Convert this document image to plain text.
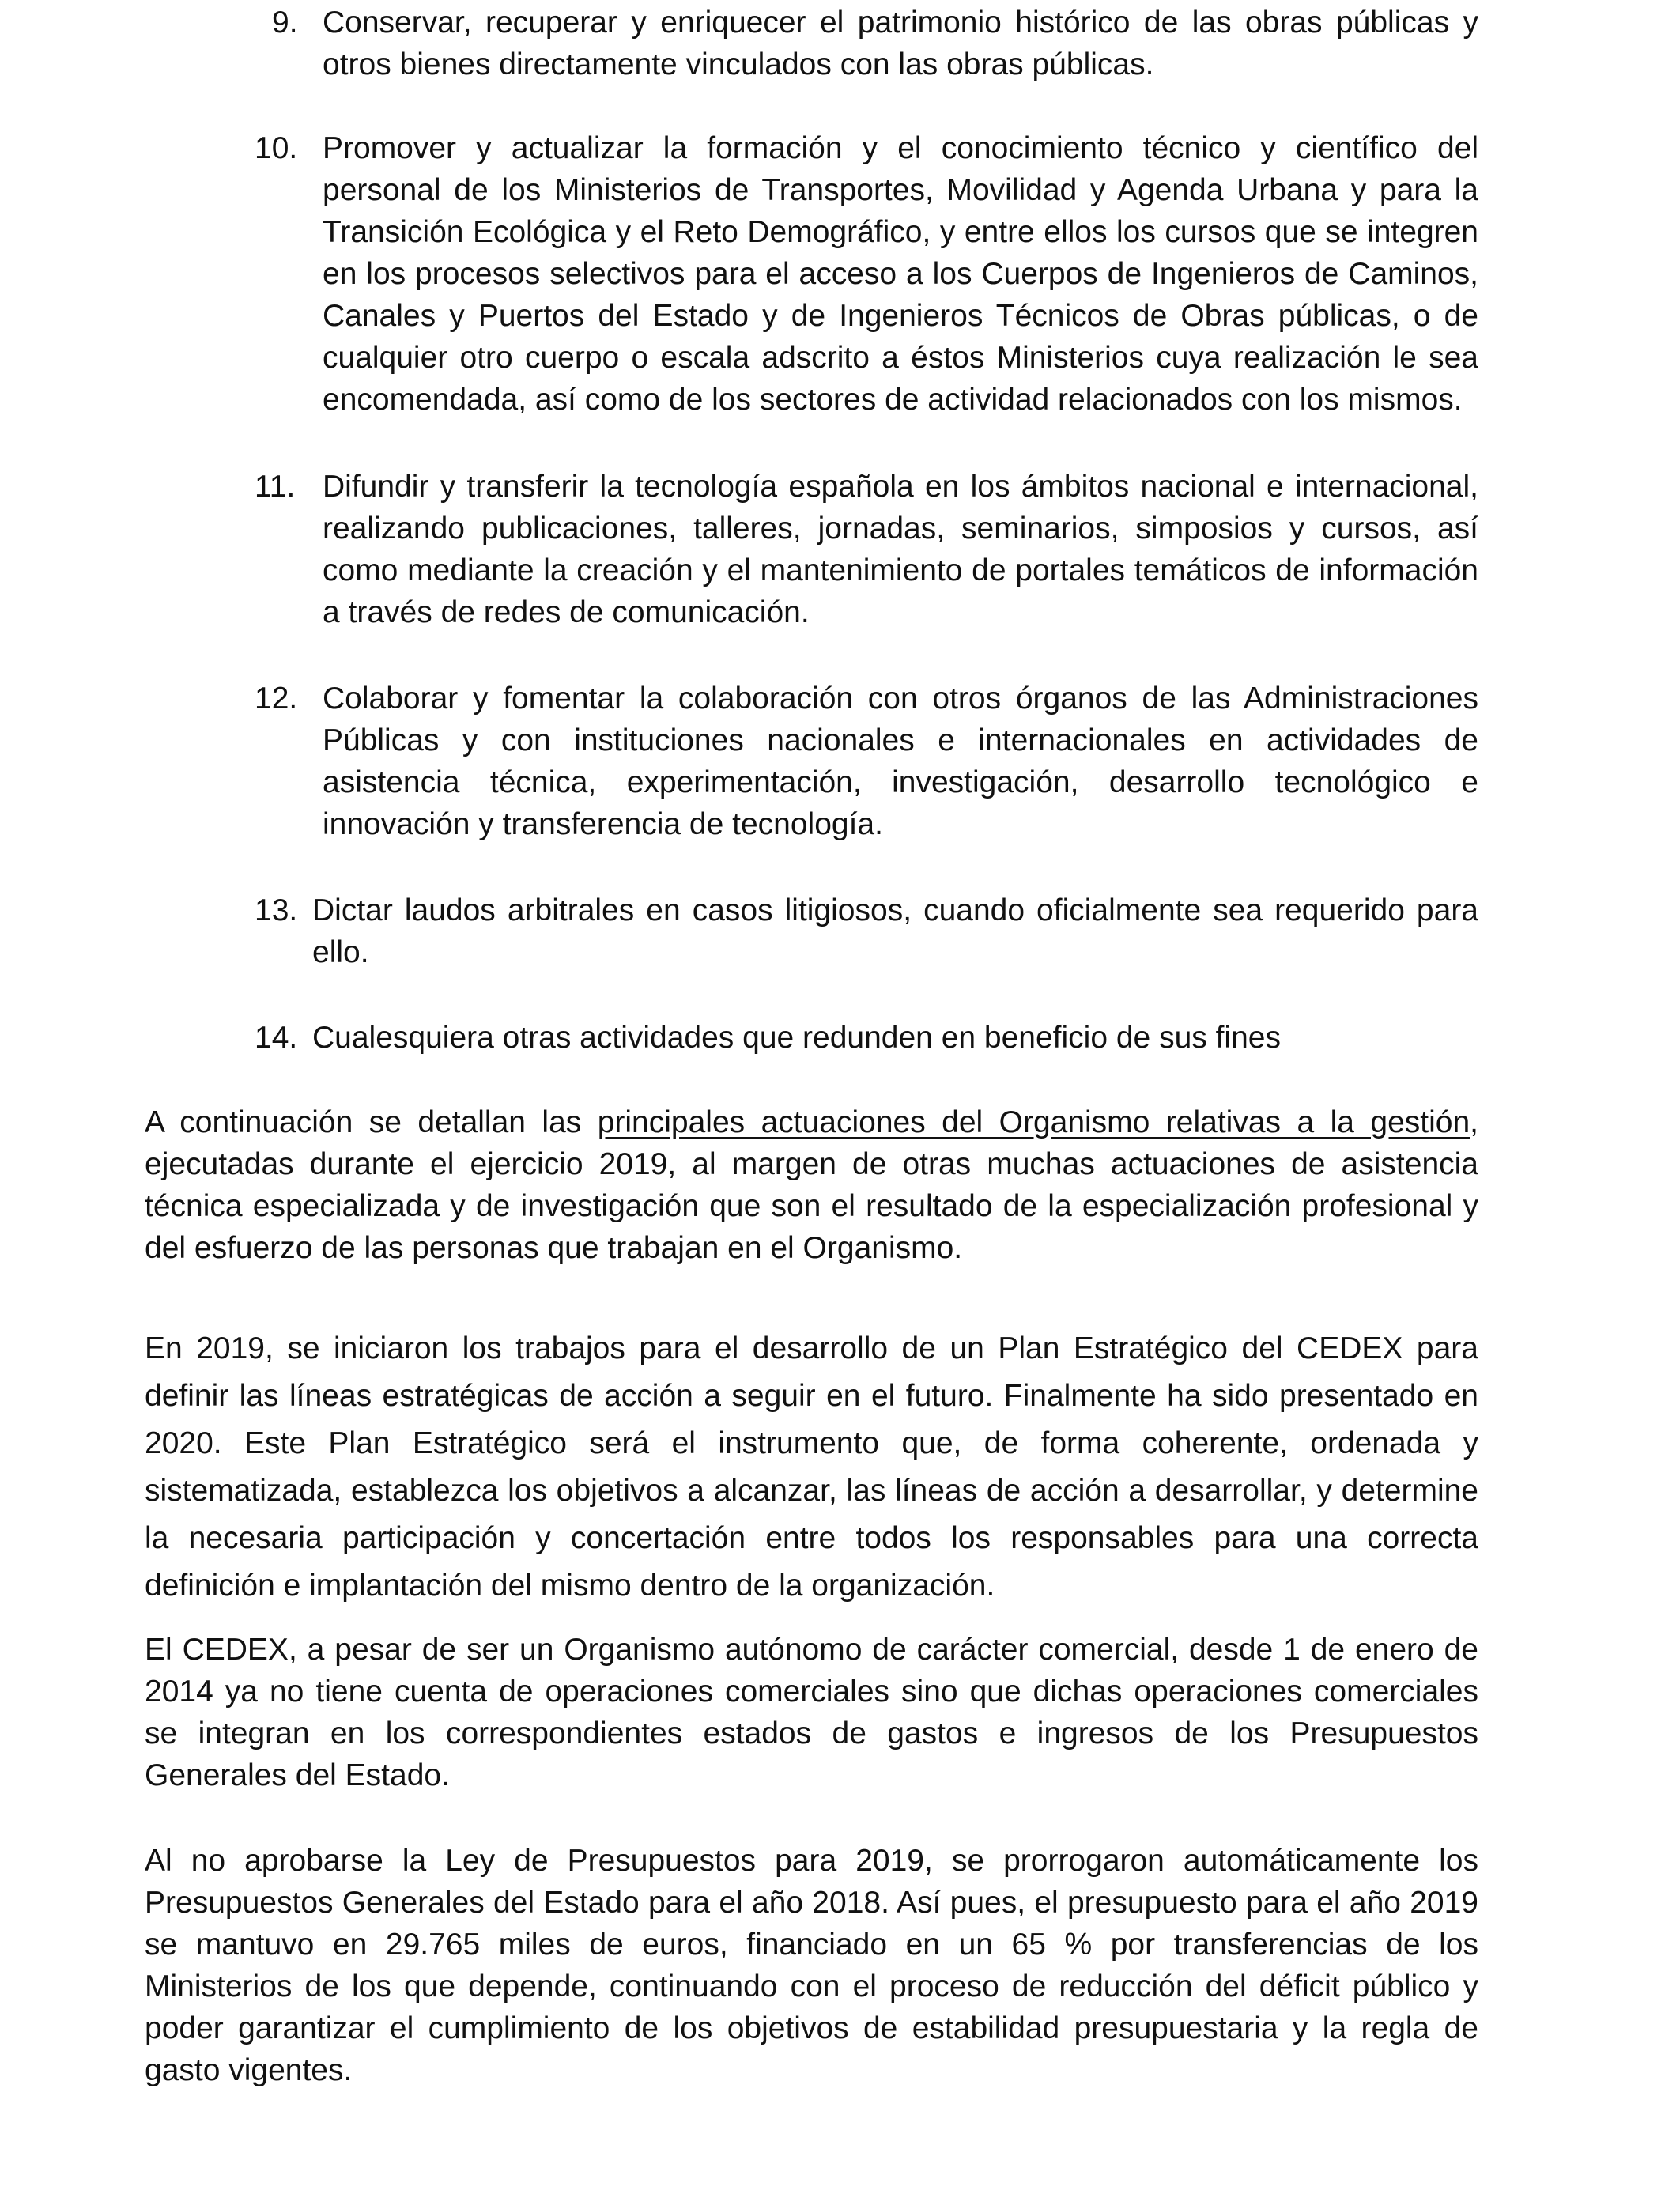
9. Conservar, recuperar y enriquecer el patrimonio histórico de las obras públicas y otros bienes directamente vinculados con las obras públicas.
10. Promover y actualizar la formación y el conocimiento técnico y científico del personal de los Ministerios de Transportes, Movilidad y Agenda Urbana y para la Transición Ecológica y el Reto Demográfico, y entre ellos los cursos que se integren en los procesos selectivos para el acceso a los Cuerpos de Ingenieros de Caminos, Canales y Puertos del Estado y de Ingenieros Técnicos de Obras públicas, o de cualquier otro cuerpo o escala adscrito a éstos Ministerios cuya realización le sea encomendada, así como de los sectores de actividad relacionados con los mismos.
11. Difundir y transferir la tecnología española en los ámbitos nacional e internacional, realizando publicaciones, talleres, jornadas, seminarios, simposios y cursos, así como mediante la creación y el mantenimiento de portales temáticos de información a través de redes de comunicación.
12. Colaborar y fomentar la colaboración con otros órganos de las Administraciones Públicas y con instituciones nacionales e internacionales en actividades de asistencia técnica, experimentación, investigación, desarrollo tecnológico e innovación y transferencia de tecnología.
13. Dictar laudos arbitrales en casos litigiosos, cuando oficialmente sea requerido para ello.
14. Cualesquiera otras actividades que redunden en beneficio de sus fines

A continuación se detallan las principales actuaciones del Organismo relativas a la gestión, ejecutadas durante el ejercicio 2019, al margen de otras muchas actuaciones de asistencia técnica especializada y de investigación que son el resultado de la especialización profesional y del esfuerzo de las personas que trabajan en el Organismo.

En 2019, se iniciaron los trabajos para el desarrollo de un Plan Estratégico del CEDEX para definir las líneas estratégicas de acción a seguir en el futuro. Finalmente ha sido presentado en 2020. Este Plan Estratégico será el instrumento que, de forma coherente, ordenada y sistematizada, establezca los objetivos a alcanzar, las líneas de acción a desarrollar, y determine la necesaria participación y concertación entre todos los responsables para una correcta definición e implantación del mismo dentro de la organización.

El CEDEX, a pesar de ser un Organismo autónomo de carácter comercial, desde 1 de enero de 2014 ya no tiene cuenta de operaciones comerciales sino que dichas operaciones comerciales se integran en los correspondientes estados de gastos e ingresos de los Presupuestos Generales del Estado.

Al no aprobarse la Ley de Presupuestos para 2019, se prorrogaron automáticamente los Presupuestos Generales del Estado para el año 2018. Así pues, el presupuesto para el año 2019 se mantuvo en 29.765 miles de euros, financiado en un 65 % por transferencias de los Ministerios de los que depende, continuando con el proceso de reducción del déficit público y poder garantizar el cumplimiento de los objetivos de estabilidad presupuestaria y la regla de gasto vigentes.
